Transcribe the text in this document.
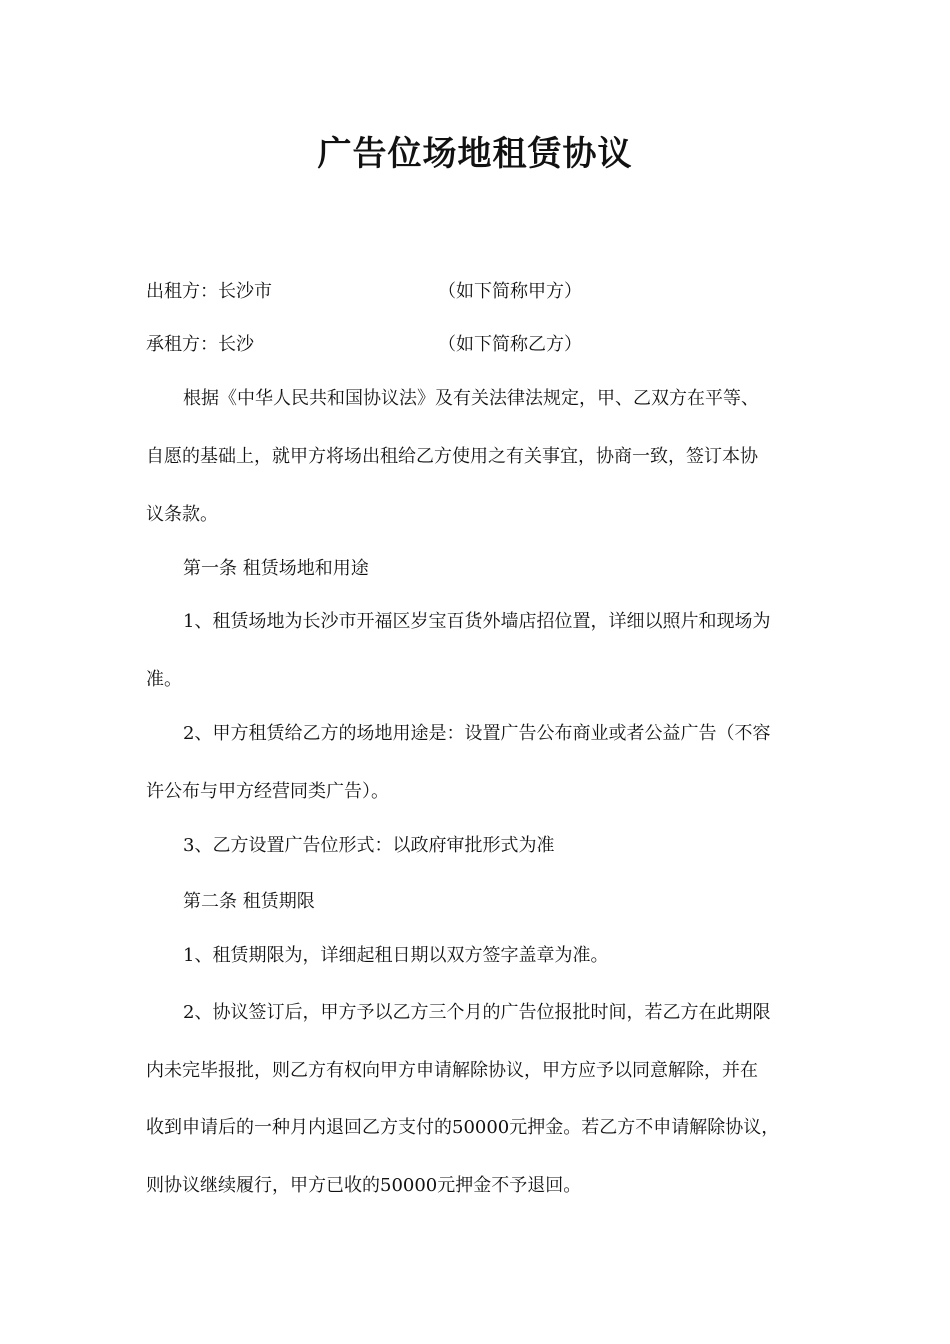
广告位场地租赁协议
出租方：长沙市	（如下简称甲方）
承租方：长沙	（如下简称乙方）
根据《中华人民共和国协议法》及有关法律法规定，甲、乙双方在平等、
自愿的基础上，就甲方将场出租给乙方使用之有关事宜，协商一致，签订本协
议条款。
第一条 租赁场地和用途
1、租赁场地为长沙市开福区岁宝百货外墙店招位置，详细以照片和现场为
准。
2、甲方租赁给乙方的场地用途是：设置广告公布商业或者公益广告（不容
许公布与甲方经营同类广告）。
3、乙方设置广告位形式：以政府审批形式为准
第二条 租赁期限
1、租赁期限为，详细起租日期以双方签字盖章为准。
2、协议签订后，甲方予以乙方三个月的广告位报批时间，若乙方在此期限
内未完毕报批，则乙方有权向甲方申请解除协议，甲方应予以同意解除，并在
收到申请后的一种月内退回乙方支付的50000元押金。若乙方不申请解除协议，
则协议继续履行，甲方已收的50000元押金不予退回。
